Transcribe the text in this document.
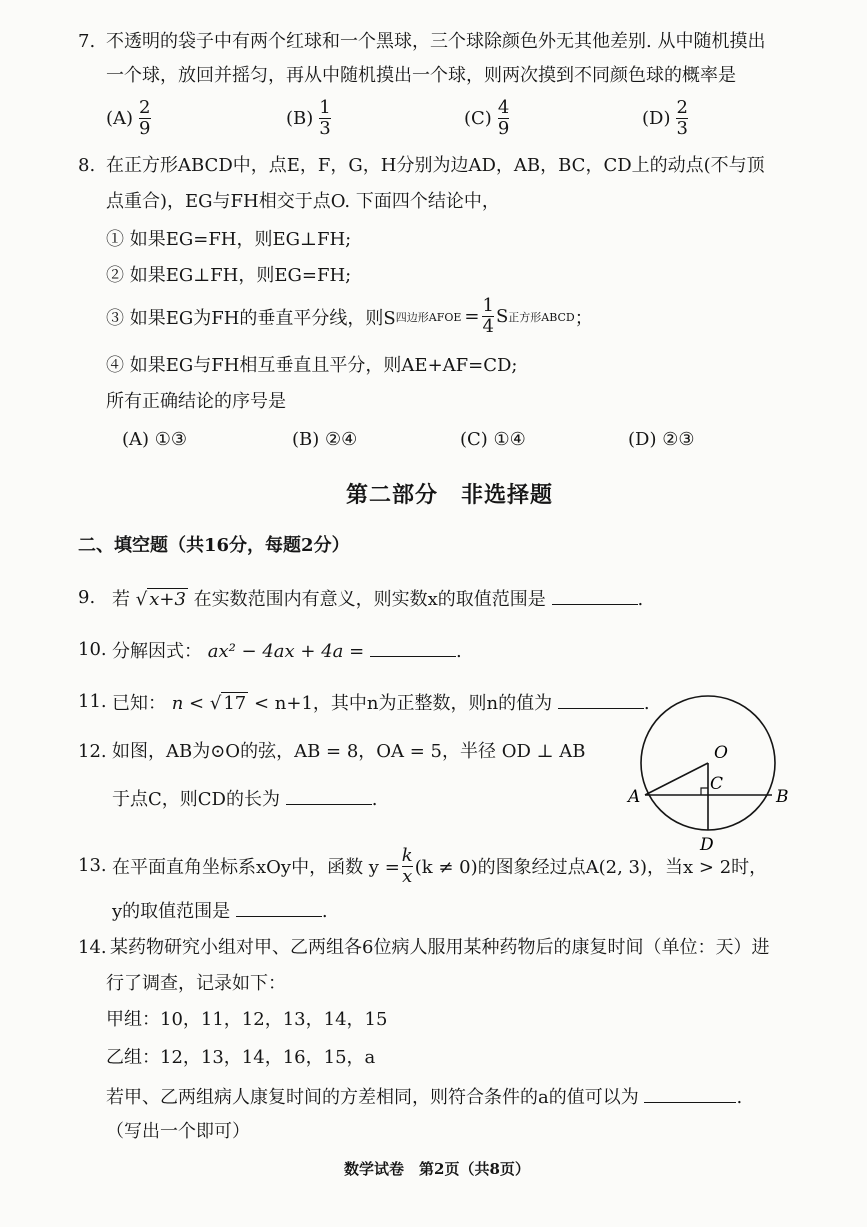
7. 不透明的袋子中有两个红球和一个黑球，三个球除颜色外无其他差别. 从中随机摸出
一个球，放回并摇匀，再从中随机摸出一个球，则两次摸到不同颜色球的概率是
$(A) \frac{2}{9}$	$(B) \frac{1}{3}$	$(C) \frac{4}{9}$	$(D) \frac{2}{3}$
8. 在正方形ABCD中，点E，F，G，H分别为边AD，AB，BC，CD上的动点(不与顶
点重合)，EG与FH相交于点O. 下面四个结论中，
① 如果EG=FH，则EG⊥FH;
② 如果EG⊥FH，则EG=FH;
③ 如果EG为FH的垂直平分线，则S 四边形AFOE = $\frac{1}{4}$ S 正方形ABCD ；
④ 如果EG与FH相互垂直且平分，则AE+AF=CD;
所有正确结论的序号是
(A) ①③	(B) ②④	(C) ①④	(D) ②③
第二部分　非选择题
二、填空题（共16分，每题2分）
9. 若 √ x+3 在实数范围内有意义，则实数x的取值范围是	.
10. 分解因式： ax² − 4ax + 4a =	.
11. 已知： n < √ 17 < n+1，其中n为正整数，则n的值为	.
12. 如图，AB为⊙O的弦，AB = 8，OA = 5，半径 OD ⊥ AB
于点C，则CD的长为	.
O
C
A	B
D
13. 在平面直角坐标系xOy中，函数 $y = \frac{k}{x} (k \ne 0)$的图象经过点A(2, 3)，当x > 2时，
y的取值范围是	.
14. 某药物研究小组对甲、乙两组各6位病人服用某种药物后的康复时间（单位：天）进
行了调查，记录如下：
甲组：10，11，12，13，14，15
乙组：12，13，14，16，15，a
若甲、乙两组病人康复时间的方差相同，则符合条件的a的值可以为	.
（写出一个即可）
数学试卷　第2页（共8页）
